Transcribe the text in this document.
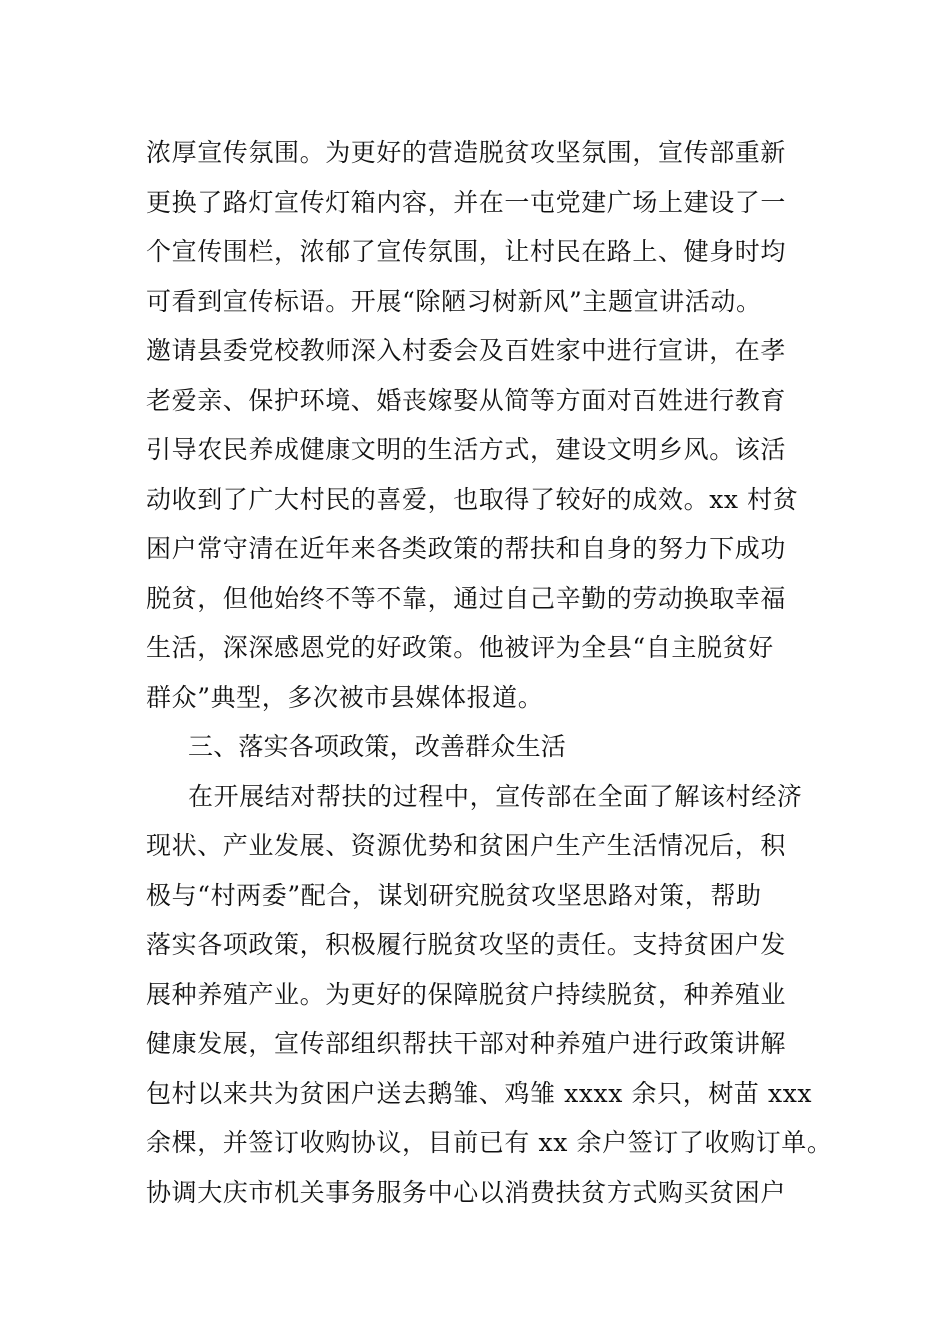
浓厚宣传氛围。为更好的营造脱贫攻坚氛围，宣传部重新
更换了路灯宣传灯箱内容，并在一屯党建广场上建设了一
个宣传围栏，浓郁了宣传氛围，让村民在路上、健身时均
可看到宣传标语。开展“除陋习树新风”主题宣讲活动。
邀请县委党校教师深入村委会及百姓家中进行宣讲，在孝
老爱亲、保护环境、婚丧嫁娶从简等方面对百姓进行教育
引导农民养成健康文明的生活方式，建设文明乡风。该活
动收到了广大村民的喜爱，也取得了较好的成效。xx 村贫
困户常守清在近年来各类政策的帮扶和自身的努力下成功
脱贫，但他始终不等不靠，通过自己辛勤的劳动换取幸福
生活，深深感恩党的好政策。他被评为全县“自主脱贫好
群众”典型，多次被市县媒体报道。
三、落实各项政策，改善群众生活
在开展结对帮扶的过程中，宣传部在全面了解该村经济
现状、产业发展、资源优势和贫困户生产生活情况后，积
极与“村两委”配合，谋划研究脱贫攻坚思路对策，帮助
落实各项政策，积极履行脱贫攻坚的责任。支持贫困户发
展种养殖产业。为更好的保障脱贫户持续脱贫，种养殖业
健康发展，宣传部组织帮扶干部对种养殖户进行政策讲解
包村以来共为贫困户送去鹅雏、鸡雏 xxxx 余只，树苗 xxx
余棵，并签订收购协议，目前已有 xx 余户签订了收购订单。
协调大庆市机关事务服务中心以消费扶贫方式购买贫困户
